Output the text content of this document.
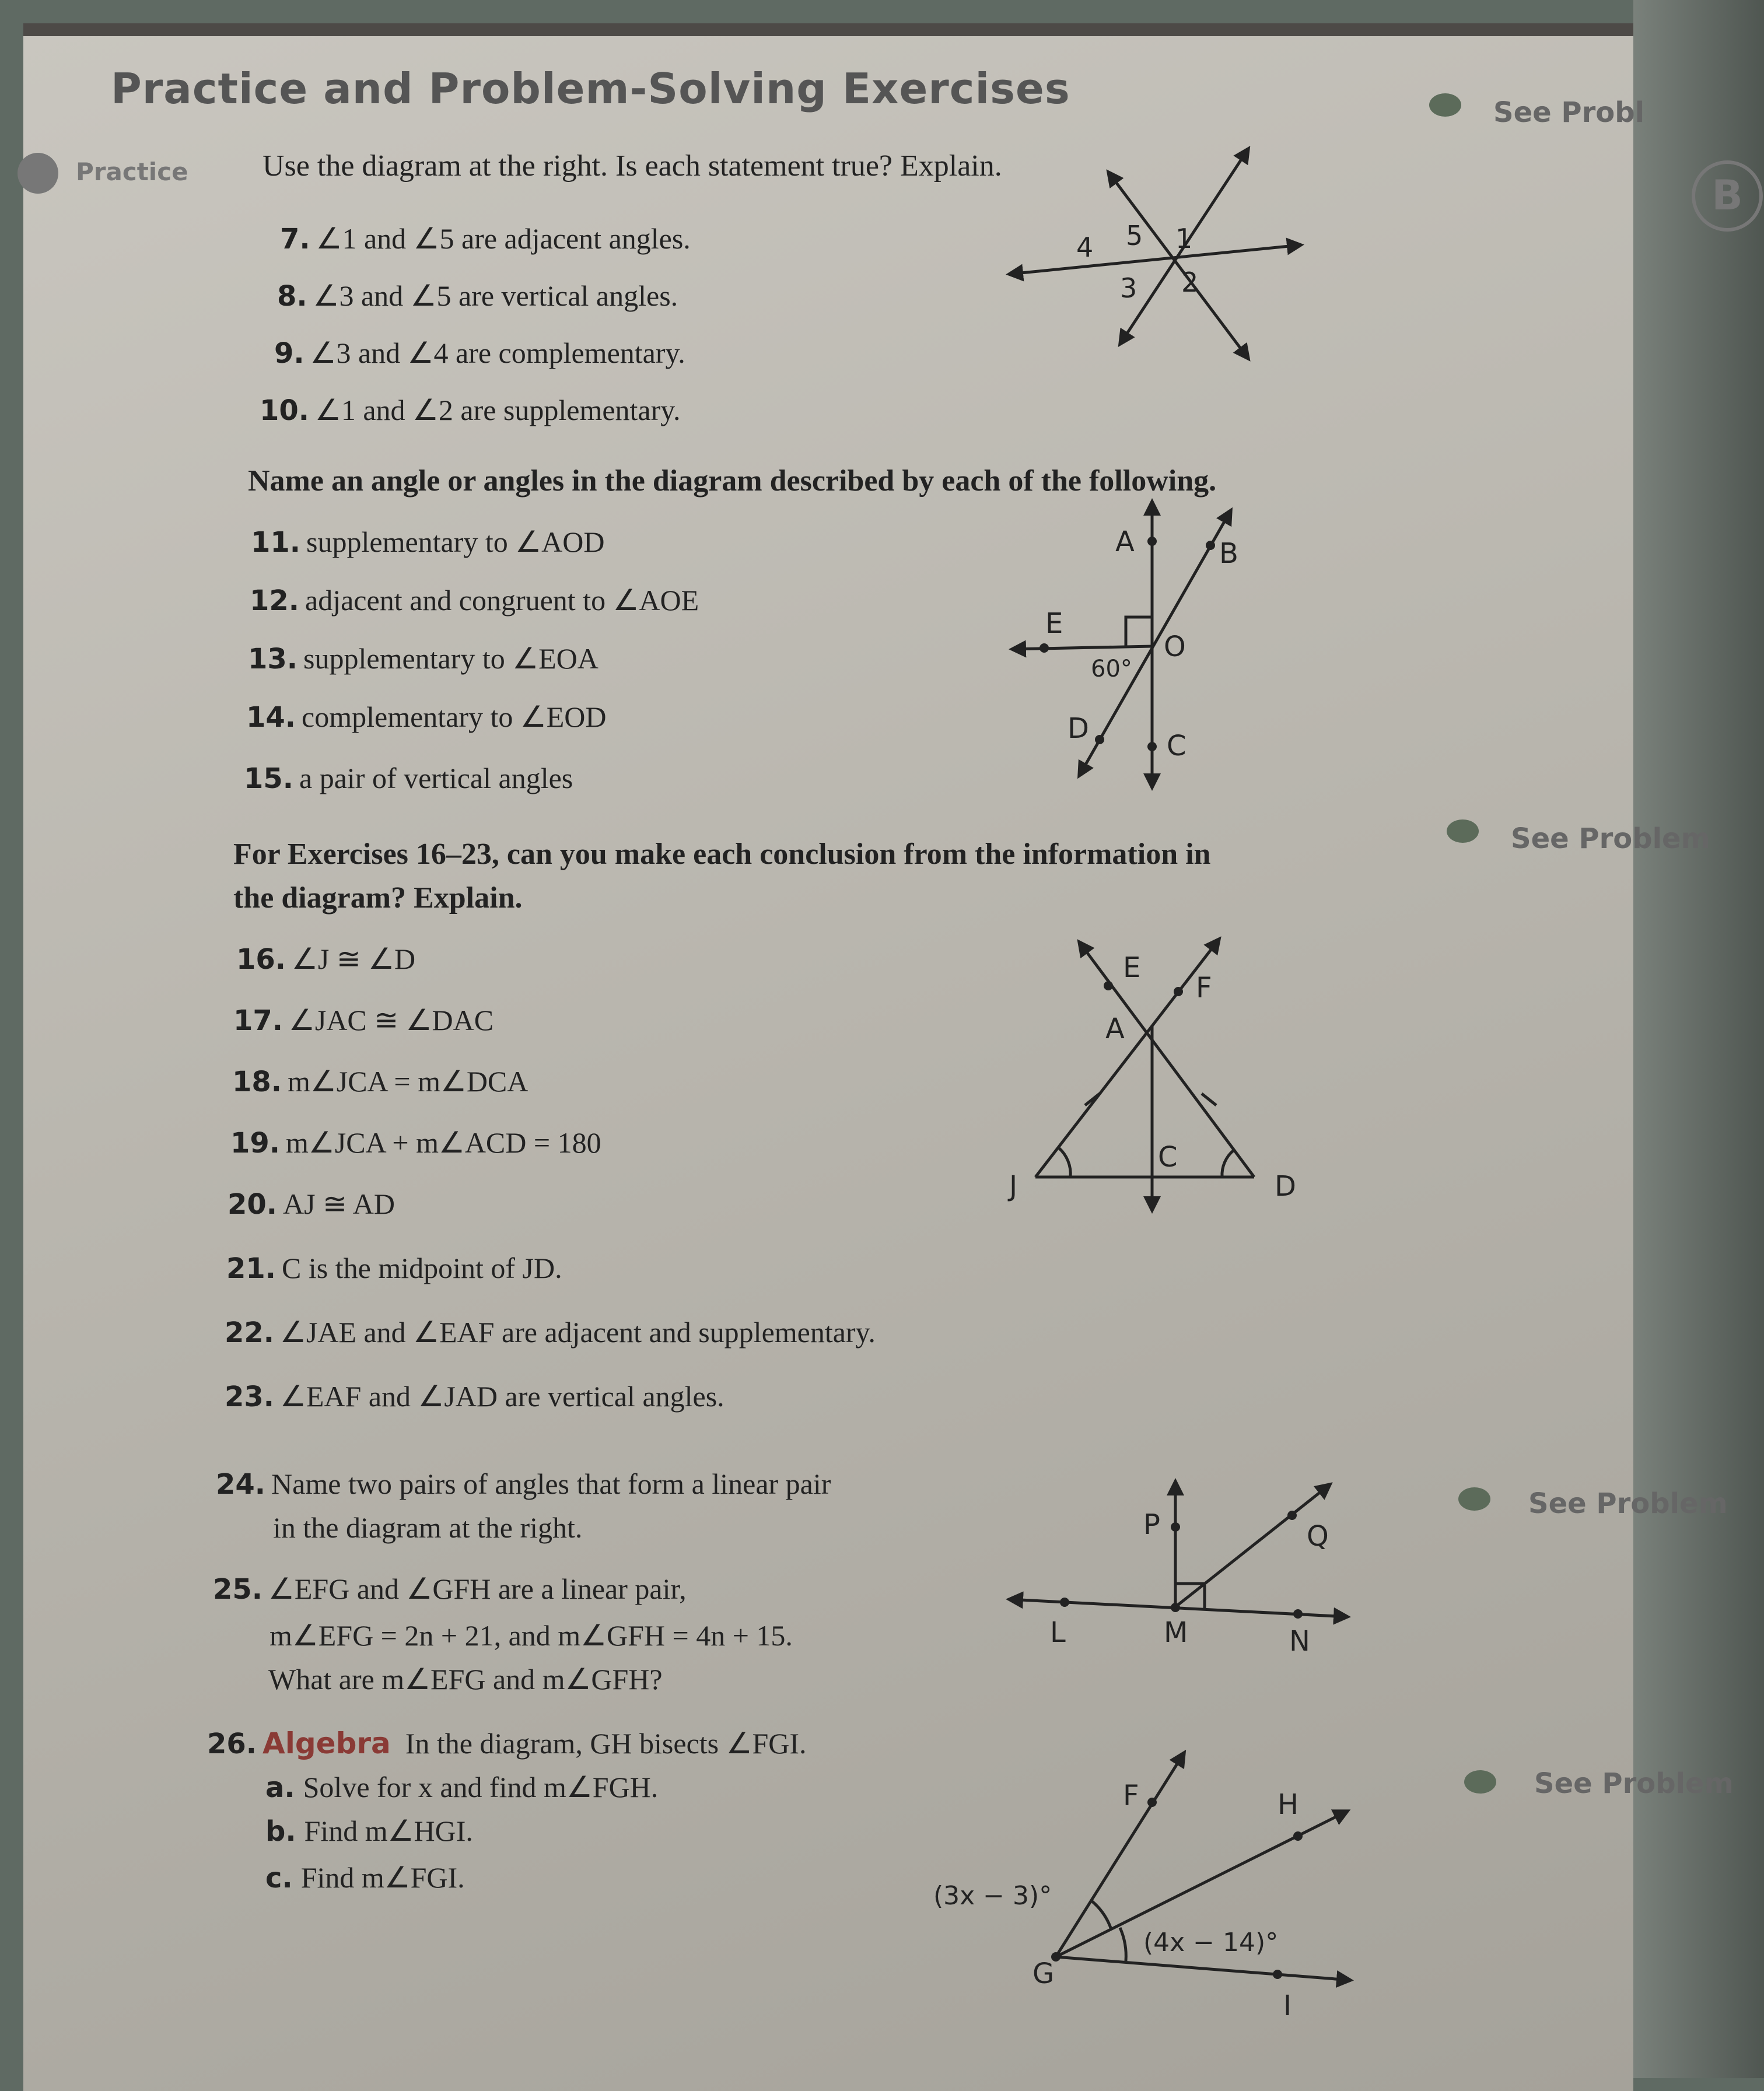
Practice and Problem-Solving Exercises
Practice	B
See Probl
See Problem
See Problem
See Problem
Use the diagram at the right. Is each statement true? Explain.
7. ∠1 and ∠5 are adjacent angles.
8. ∠3 and ∠5 are vertical angles.
9. ∠3 and ∠4 are complementary.
10. ∠1 and ∠2 are supplementary.
Name an angle or angles in the diagram described by each of the following.
11. supplementary to ∠AOD
12. adjacent and congruent to ∠AOE
13. supplementary to ∠EOA
14. complementary to ∠EOD
15. a pair of vertical angles
For Exercises 16–23, can you make each conclusion from the information in
the diagram? Explain.
16. ∠J ≅ ∠D
17. ∠JAC ≅ ∠DAC
18. m∠JCA = m∠DCA
19. m∠JCA + m∠ACD = 180
20. AJ ≅ AD
21. C is the midpoint of JD.
22. ∠JAE and ∠EAF are adjacent and supplementary.
23. ∠EAF and ∠JAD are vertical angles.
24. Name two pairs of angles that form a linear pair
in the diagram at the right.
25. ∠EFG and ∠GFH are a linear pair,
m∠EFG = 2n + 21, and m∠GFH = 4n + 15.
What are m∠EFG and m∠GFH?
26. Algebra In the diagram, GH bisects ∠FGI.
a. Solve for x and find m∠FGH.
b. Find m∠HGI.
c. Find m∠FGI.
4 5 1
3 2
A	B
E
O
60°
D
C
E
F
A
C
J	D
P	Q
L	M	N
F	H
(3x − 3)°
(4x − 14)°
G
I
